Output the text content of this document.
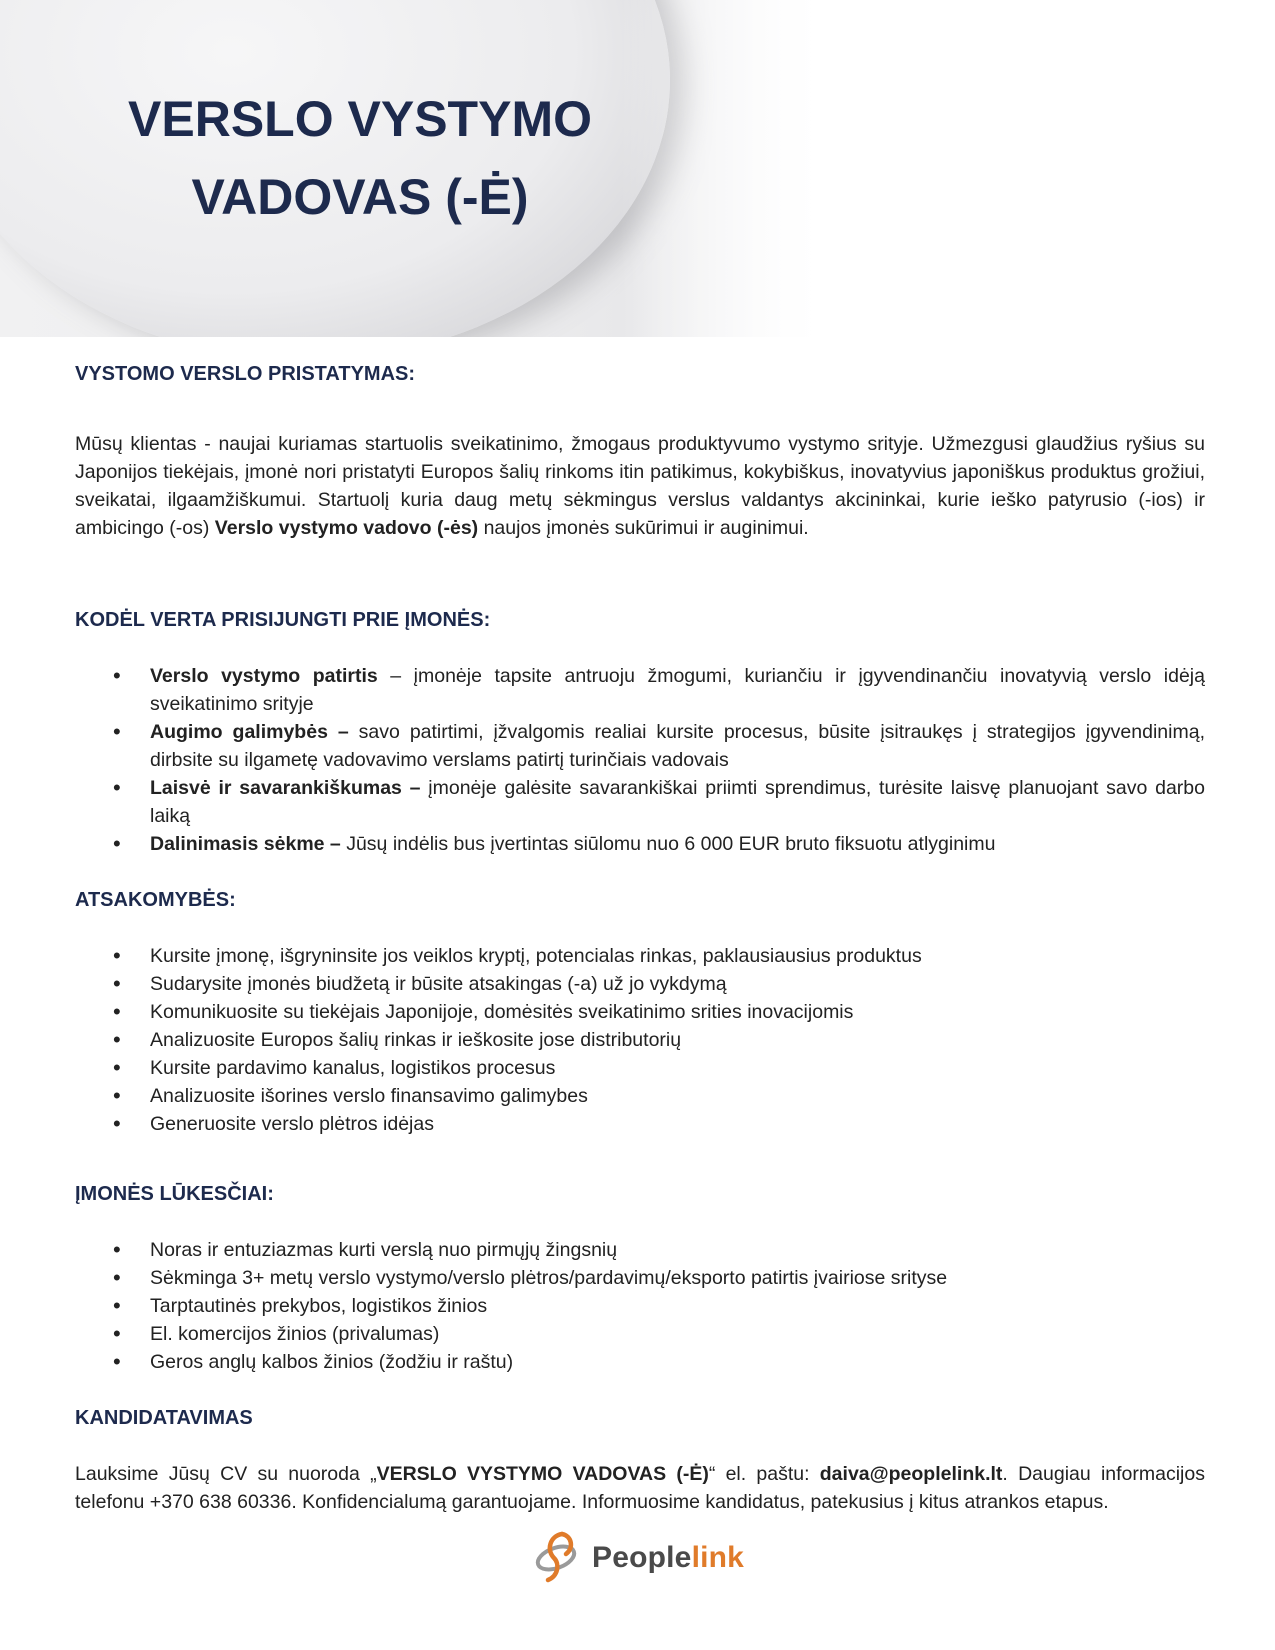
VERSLO VYSTYMO
VADOVAS (-Ė)
VYSTOMO VERSLO PRISTATYMAS:

Mūsų klientas - naujai kuriamas startuolis sveikatinimo, žmogaus produktyvumo vystymo srityje. Užmezgusi glaudžius ryšius su Japonijos tiekėjais, įmonė nori pristatyti Europos šalių rinkoms itin patikimus, kokybiškus, inovatyvius japoniškus produktus grožiui, sveikatai, ilgaamžiškumui. Startuolį kuria daug metų sėkmingus verslus valdantys akcininkai, kurie ieško patyrusio (-ios) ir ambicingo (-os) Verslo vystymo vadovo (-ės) naujos įmonės sukūrimui ir auginimui.

KODĖL VERTA PRISIJUNGTI PRIE ĮMONĖS:
• Verslo vystymo patirtis – įmonėje tapsite antruoju žmogumi, kuriančiu ir įgyvendinančiu inovatyvią verslo idėją sveikatinimo srityje
• Augimo galimybės – savo patirtimi, įžvalgomis realiai kursite procesus, būsite įsitraukęs į strategijos įgyvendinimą, dirbsite su ilgametę vadovavimo verslams patirtį turinčiais vadovais
• Laisvė ir savarankiškumas – įmonėje galėsite savarankiškai priimti sprendimus, turėsite laisvę planuojant savo darbo laiką
• Dalinimasis sėkme – Jūsų indėlis bus įvertintas siūlomu nuo 6 000 EUR bruto fiksuotu atlyginimu
ATSAKOMYBĖS:
• Kursite įmonę, išgryninsite jos veiklos kryptį, potencialas rinkas, paklausiausius produktus
• Sudarysite įmonės biudžetą ir būsite atsakingas (-a) už jo vykdymą
• Komunikuosite su tiekėjais Japonijoje, domėsitės sveikatinimo srities inovacijomis
• Analizuosite Europos šalių rinkas ir ieškosite jose distributorių
• Kursite pardavimo kanalus, logistikos procesus
• Analizuosite išorines verslo finansavimo galimybes
• Generuosite verslo plėtros idėjas
ĮMONĖS LŪKESČIAI:
• Noras ir entuziazmas kurti verslą nuo pirmųjų žingsnių
• Sėkminga 3+ metų verslo vystymo/verslo plėtros/pardavimų/eksporto patirtis įvairiose srityse
• Tarptautinės prekybos, logistikos žinios
• El. komercijos žinios (privalumas)
• Geros anglų kalbos žinios (žodžiu ir raštu)
KANDIDATAVIMAS

Lauksime Jūsų CV su nuoroda „VERSLO VYSTYMO VADOVAS (-Ė)“ el. paštu: daiva@peoplelink.lt. Daugiau informacijos telefonu +370 638 60336. Konfidencialumą garantuojame. Informuosime kandidatus, patekusius į kitus atrankos etapus.

Peoplelink
